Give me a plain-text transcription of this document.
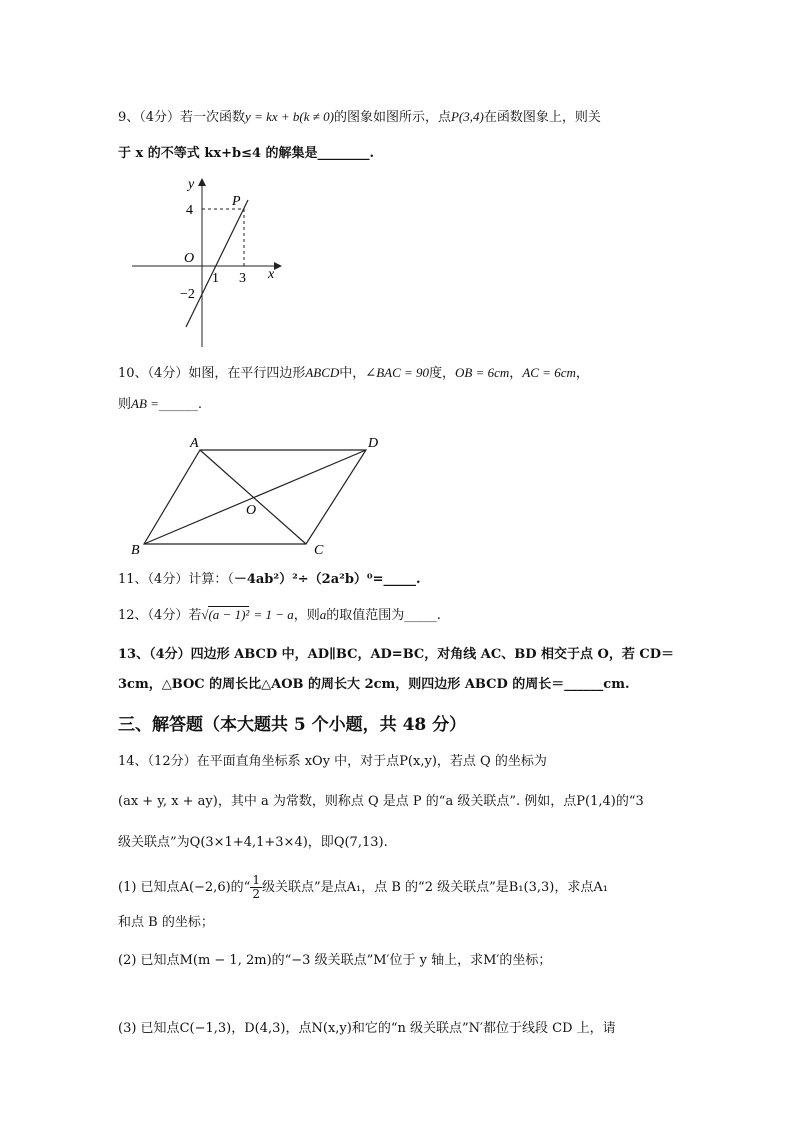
9、（4分）若一次函数y = kx + b(k ≠ 0)的图象如图所示，点P(3,4)在函数图象上，则关
于 x 的不等式 kx+b≤4 的解集是________.
y
x
O
P
4
−2
1 3
10、（4分）如图，在平行四边形ABCD中，∠BAC = 90度，OB = 6cm，AC = 6cm，
则AB =______.
A	D
B	C
O
11、（4分）计算：（－4ab²）²÷（2a²b）⁰=_____.
12、（4分）若√(a − 1)² = 1 − a，则a的取值范围为_____.
13、（4分）四边形 ABCD 中，AD∥BC，AD=BC，对角线 AC、BD 相交于点 O，若 CD＝
3cm，△BOC 的周长比△AOB 的周长大 2cm，则四边形 ABCD 的周长＝______cm.
三、解答题（本大题共 5 个小题，共 48 分）
14、（12分）在平面直角坐标系 xOy 中，对于点P(x,y)，若点 Q 的坐标为
(ax + y, x + ay)，其中 a 为常数，则称点 Q 是点 P 的“a 级关联点”. 例如，点P(1,4)的“3
级关联点”为Q(3×1+4,1+3×4)，即Q(7,13).
(1) 已知点A(−2,6)的“ $\frac{1}{2}$ 级关联点”是点A₁，点 B 的“2 级关联点”是B₁(3,3)，求点A₁
和点 B 的坐标；
(2) 已知点M(m − 1, 2m)的“−3 级关联点”M′位于 y 轴上，求M′的坐标；
(3) 已知点C(−1,3)，D(4,3)，点N(x,y)和它的“n 级关联点”N′都位于线段 CD 上，请
